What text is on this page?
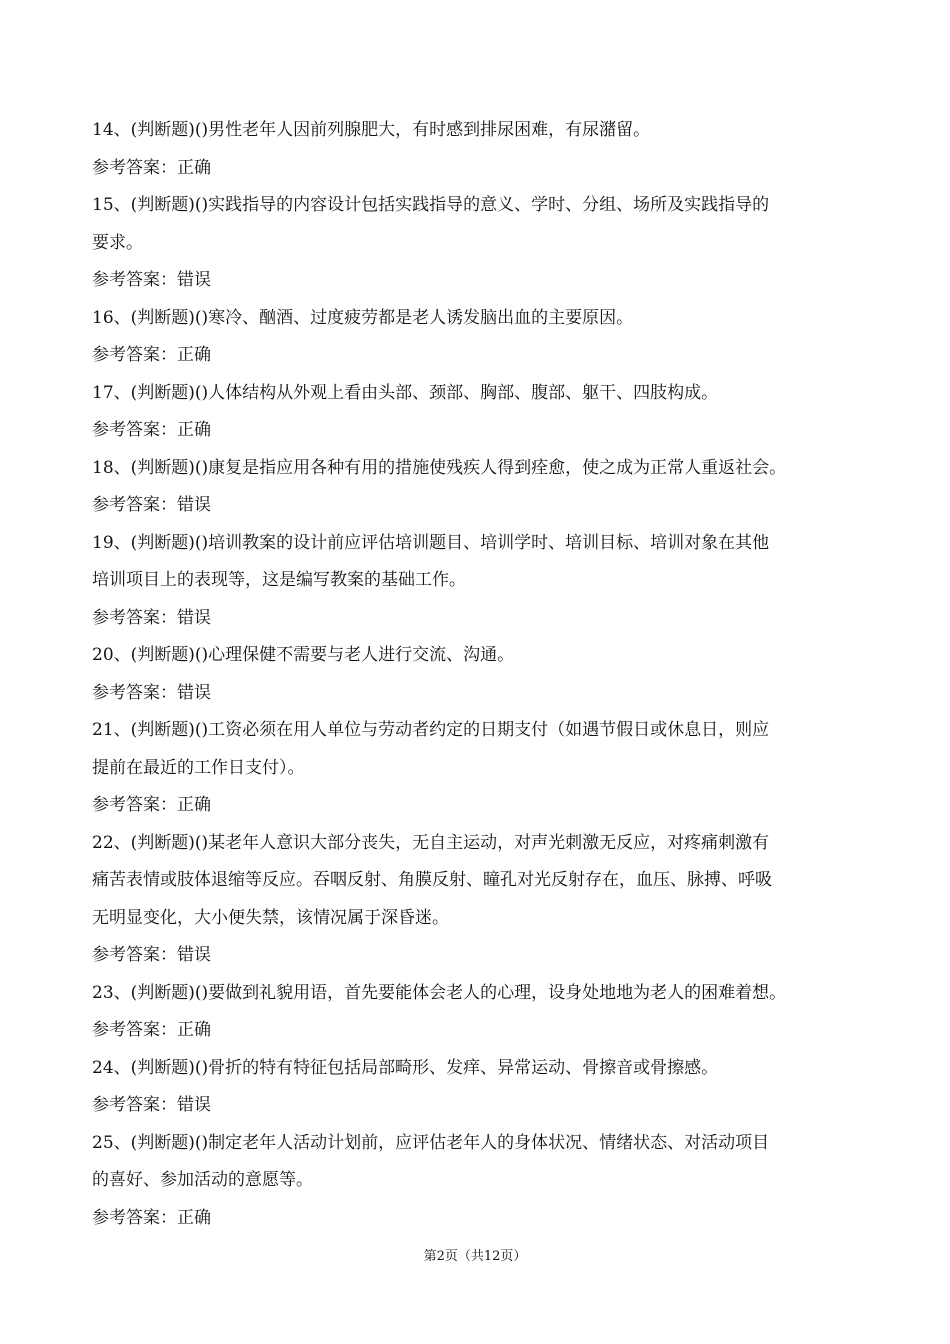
14、(判断题)()男性老年人因前列腺肥大，有时感到排尿困难，有尿潴留。
参考答案：正确
15、(判断题)()实践指导的内容设计包括实践指导的意义、学时、分组、场所及实践指导的
要求。
参考答案：错误
16、(判断题)()寒冷、酗酒、过度疲劳都是老人诱发脑出血的主要原因。
参考答案：正确
17、(判断题)()人体结构从外观上看由头部、颈部、胸部、腹部、躯干、四肢构成。
参考答案：正确
18、(判断题)()康复是指应用各种有用的措施使残疾人得到痊愈，使之成为正常人重返社会。
参考答案：错误
19、(判断题)()培训教案的设计前应评估培训题目、培训学时、培训目标、培训对象在其他
培训项目上的表现等，这是编写教案的基础工作。
参考答案：错误
20、(判断题)()心理保健不需要与老人进行交流、沟通。
参考答案：错误
21、(判断题)()工资必须在用人单位与劳动者约定的日期支付（如遇节假日或休息日，则应
提前在最近的工作日支付）。
参考答案：正确
22、(判断题)()某老年人意识大部分丧失，无自主运动，对声光刺激无反应，对疼痛刺激有
痛苦表情或肢体退缩等反应。吞咽反射、角膜反射、瞳孔对光反射存在，血压、脉搏、呼吸
无明显变化，大小便失禁，该情况属于深昏迷。
参考答案：错误
23、(判断题)()要做到礼貌用语，首先要能体会老人的心理，设身处地地为老人的困难着想。
参考答案：正确
24、(判断题)()骨折的特有特征包括局部畸形、发痒、异常运动、骨擦音或骨擦感。
参考答案：错误
25、(判断题)()制定老年人活动计划前，应评估老年人的身体状况、情绪状态、对活动项目
的喜好、参加活动的意愿等。
参考答案：正确
第2页（共12页）
